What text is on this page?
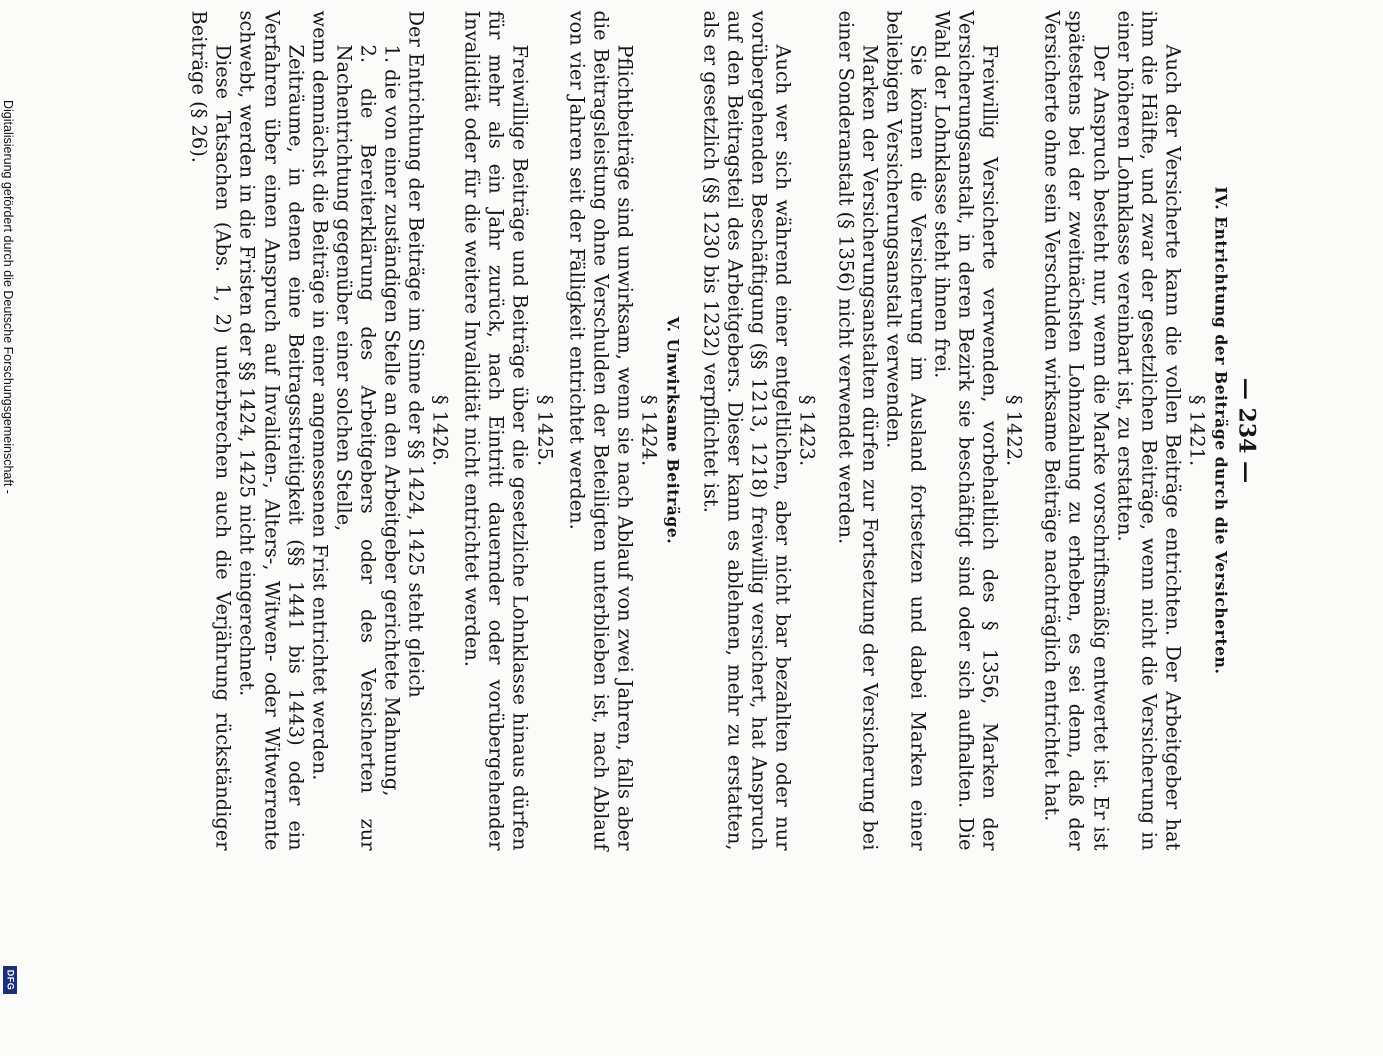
— 234 —
IV. Entrichtung der Beiträge durch die Versicherten.
§ 1421.

Auch der Versicherte kann die vollen Beiträge entrichten. Der Arbeitgeber hat ihm die Hälfte, und zwar der gesetzlichen Beiträge, wenn nicht die Versicherung in einer höheren Lohnklasse vereinbart ist, zu erstatten.

Der Anspruch besteht nur, wenn die Marke vorschriftsmäßig entwertet ist. Er ist spätestens bei der zweitnächsten Lohnzahlung zu erheben, es sei denn, daß der Versicherte ohne sein Verschulden wirksame Beiträge nachträglich entrichtet hat.

§ 1422.

Freiwillig Versicherte verwenden, vorbehaltlich des § 1356, Marken der Versicherungsanstalt, in deren Bezirk sie beschäftigt sind oder sich aufhalten. Die Wahl der Lohnklasse steht ihnen frei.

Sie können die Versicherung im Ausland fortsetzen und dabei Marken einer beliebigen Versicherungsanstalt verwenden.

Marken der Versicherungsanstalten dürfen zur Fortsetzung der Versicherung bei einer Sonderanstalt (§ 1356) nicht verwendet werden.

§ 1423.

Auch wer sich während einer entgeltlichen, aber nicht bar bezahlten oder nur vorübergehenden Beschäftigung (§§ 1213, 1218) freiwillig versichert, hat Anspruch auf den Beitragsteil des Arbeitgebers. Dieser kann es ablehnen, mehr zu erstatten, als er gesetzlich (§§ 1230 bis 1232) verpflichtet ist.

V. Unwirksame Beiträge.
§ 1424.

Pflichtbeiträge sind unwirksam, wenn sie nach Ablauf von zwei Jahren, falls aber die Beitragsleistung ohne Verschulden der Beteiligten unterblieben ist, nach Ablauf von vier Jahren seit der Fälligkeit entrichtet werden.

§ 1425.

Freiwillige Beiträge und Beiträge über die gesetzliche Lohnklasse hinaus dürfen für mehr als ein Jahr zurück, nach Eintritt dauernder oder vorübergehender Invalidität oder für die weitere Invalidität nicht entrichtet werden.

§ 1426.

Der Entrichtung der Beiträge im Sinne der §§ 1424, 1425 steht gleich

1. die von einer zuständigen Stelle an den Arbeitgeber gerichtete Mahnung,

2. die Bereiterklärung des Arbeitgebers oder des Versicherten zur Nachentrichtung gegenüber einer solchen Stelle,

wenn demnächst die Beiträge in einer angemessenen Frist entrichtet werden.

Zeiträume, in denen eine Beitragsstreitigkeit (§§ 1441 bis 1443) oder ein Verfahren über einen Anspruch auf Invaliden-, Alters-, Witwen- oder Witwerrente schwebt, werden in die Fristen der §§ 1424, 1425 nicht eingerechnet.

Diese Tatsachen (Abs. 1, 2) unterbrechen auch die Verjährung rückständiger Beiträge (§ 26).

Digitalisierung gefördert durch die Deutsche Forschungsgemeinschaft -
DFG
